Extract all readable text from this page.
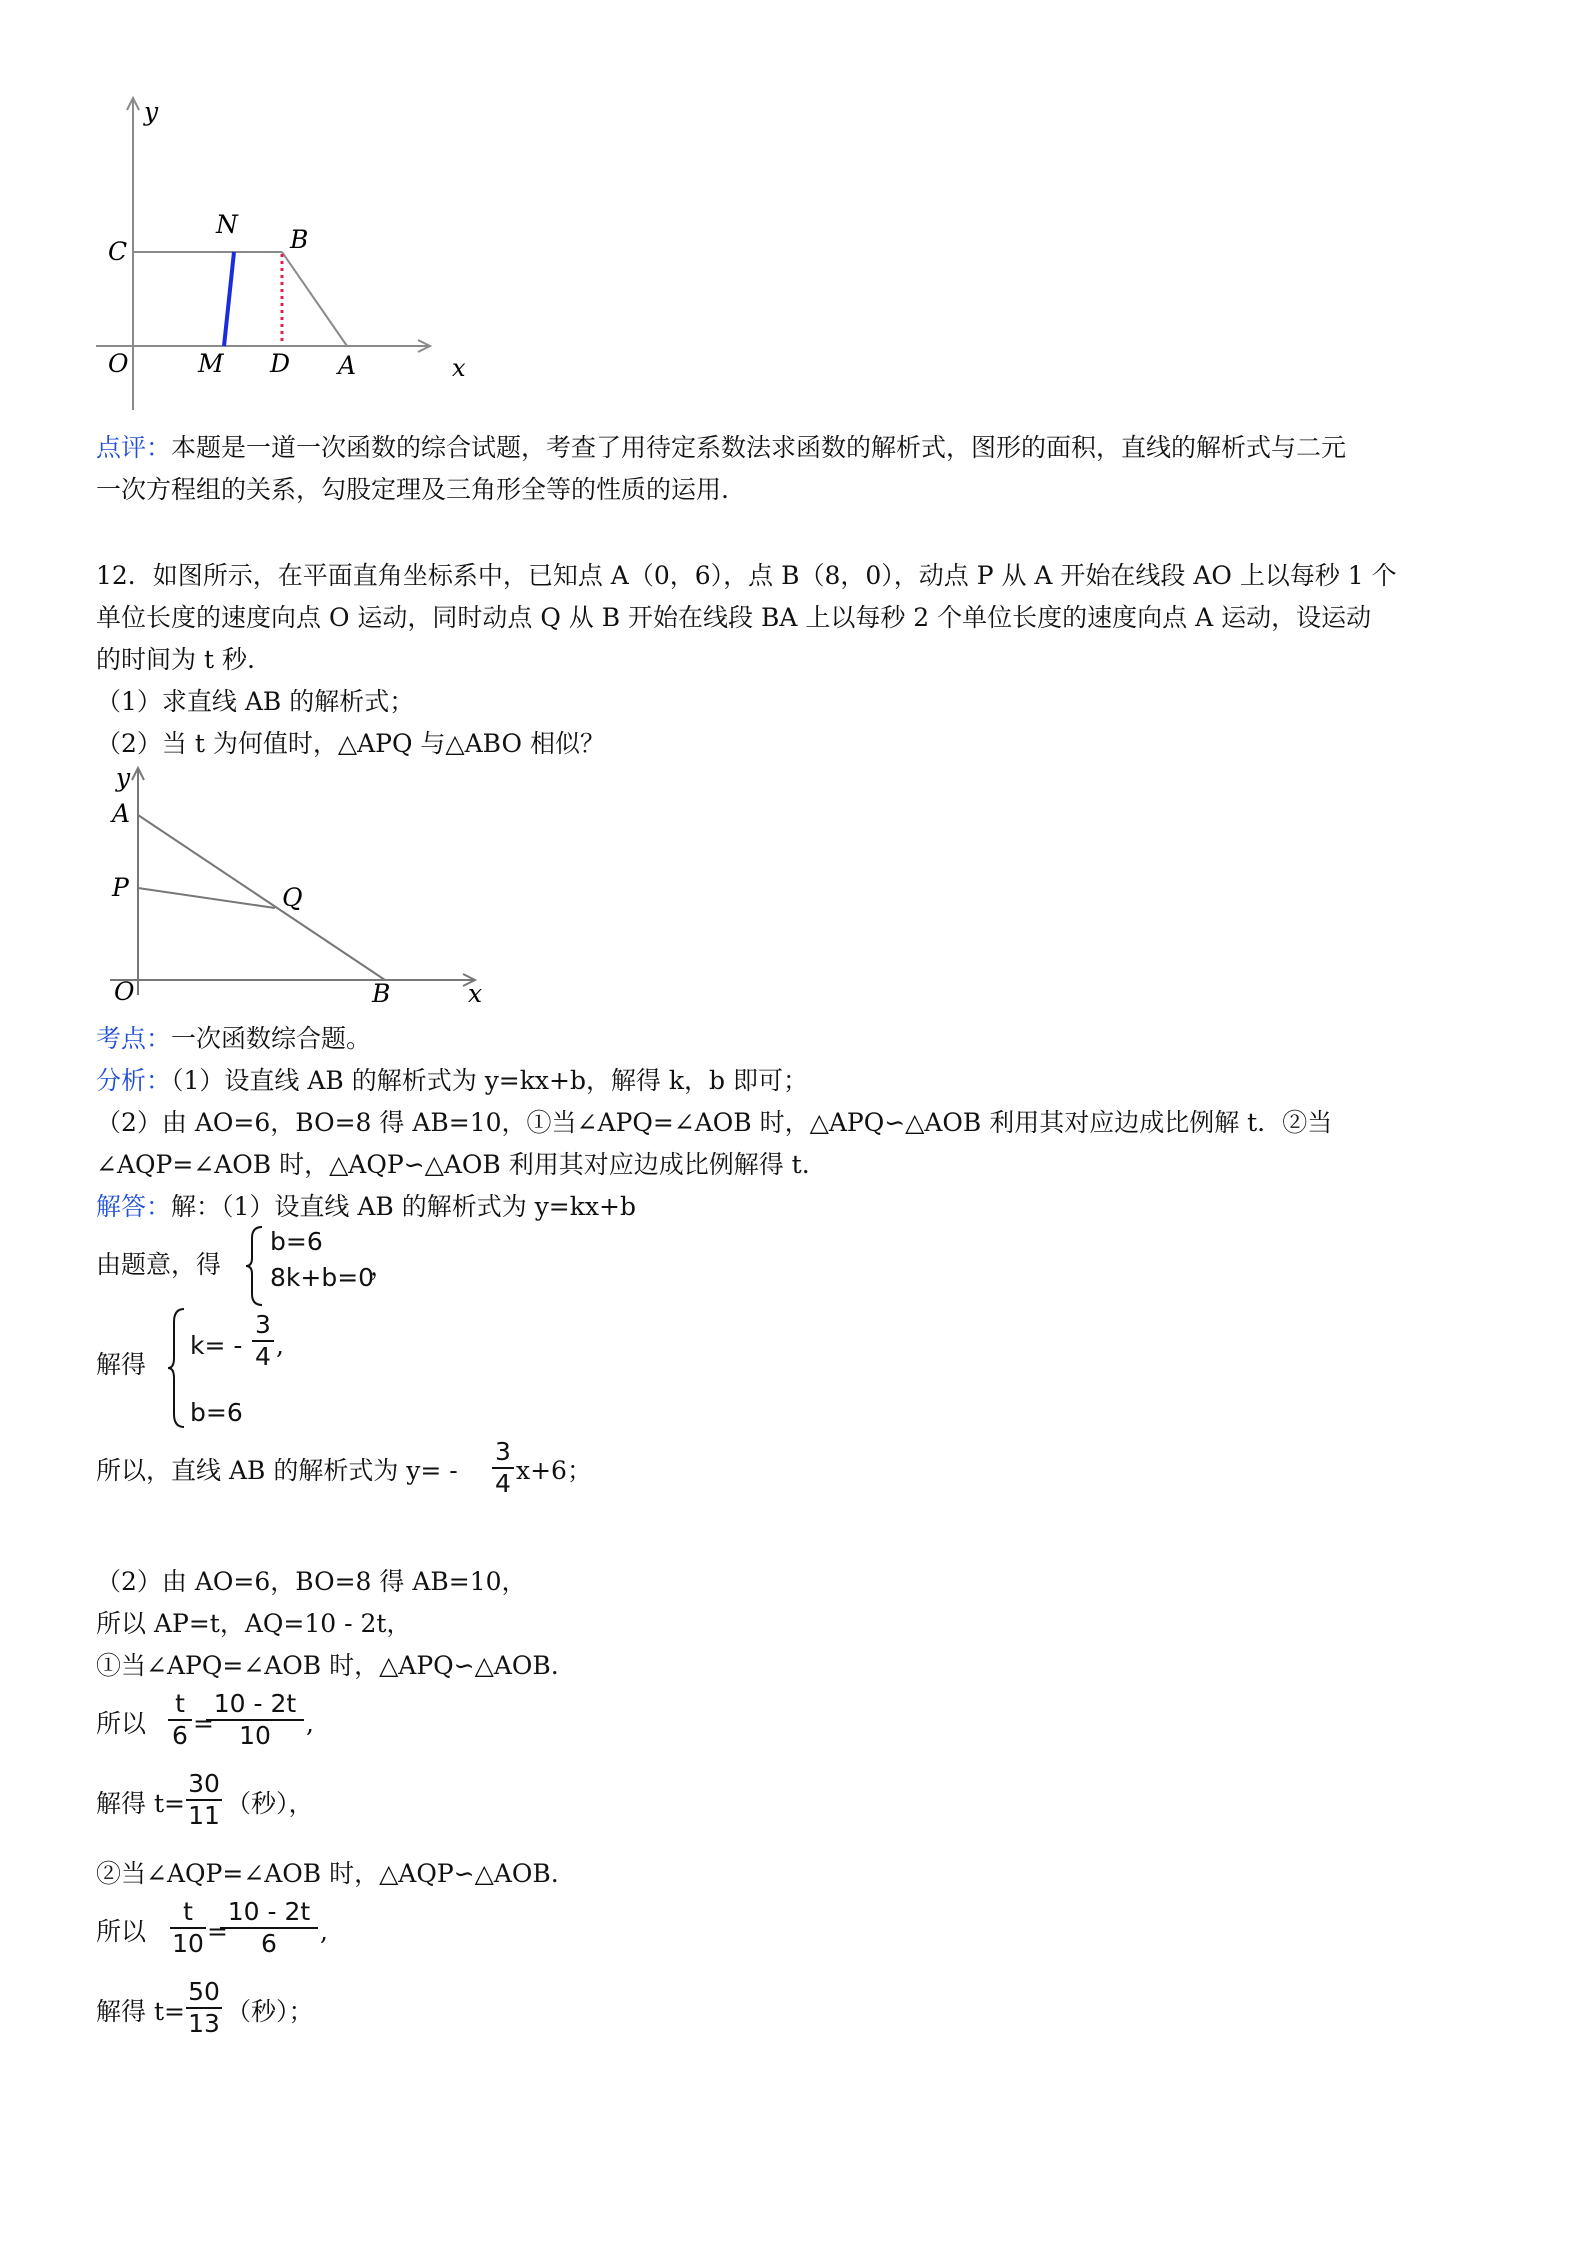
y
C
N
B
O	M D A	x
点评：本题是一道一次函数的综合试题，考查了用待定系数法求函数的解析式，图形的面积，直线的解析式与二元
一次方程组的关系，勾股定理及三角形全等的性质的运用.
12．如图所示，在平面直角坐标系中，已知点 A（0，6），点 B（8，0），动点 P 从 A 开始在线段 AO 上以每秒 1 个
单位长度的速度向点 O 运动，同时动点 Q 从 B 开始在线段 BA 上以每秒 2 个单位长度的速度向点 A 运动，设运动
的时间为 t 秒.
（1）求直线 AB 的解析式；
（2）当 t 为何值时，△APQ 与△ABO 相似？
y
A
P	Q
O	B	x
考点：一次函数综合题。
分析：（1）设直线 AB 的解析式为 y=kx+b，解得 k，b 即可；
（2）由 AO=6，BO=8 得 AB=10，①当∠APQ=∠AOB 时，△APQ∽△AOB 利用其对应边成比例解 t．②当
∠AQP=∠AOB 时，△AQP∽△AOB 利用其对应边成比例解得 t.
解答：解：（1）设直线 AB 的解析式为 y=kx+b
由题意，得
b=6
8k+b=0
，
解得
$k= - \frac{3}{4}$ ,
b=6
所以，直线 AB 的解析式为 $y= - \frac{3}{4} x+6$；
（2）由 AO=6，BO=8 得 AB=10，
所以 AP=t，AQ=10 - 2t，
①当∠APQ=∠AOB 时，△APQ∽△AOB.
所以 $\frac{t}{6}$ =
$\frac{10 - 2t}{10}$ ,
解得 $t= \frac{30}{11}$ （秒），
②当∠AQP=∠AOB 时，△AQP∽△AOB.
所以 $\frac{t}{10}$ =
$\frac{10 - 2t}{6}$ ,
解得 $t= \frac{50}{13}$ （秒）；
